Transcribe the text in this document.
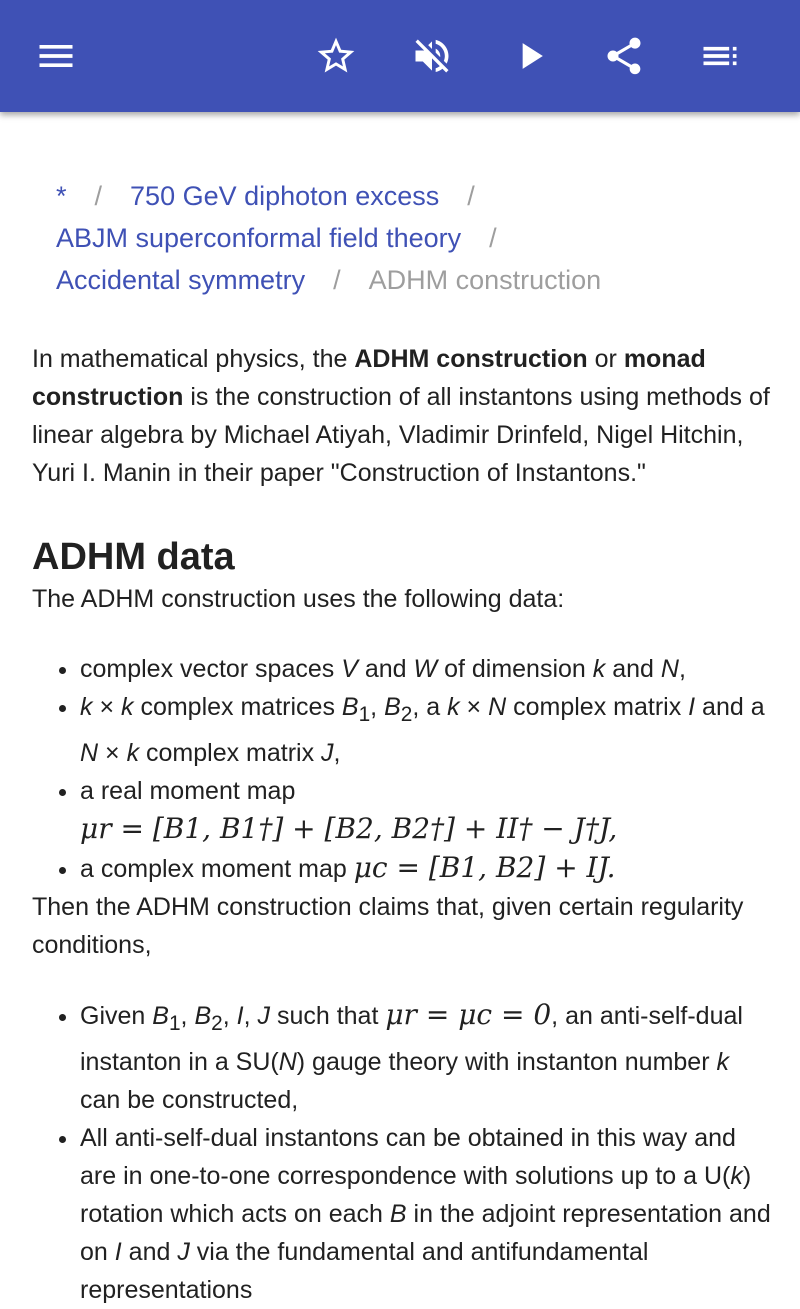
* / 750 GeV diphoton excess /
ABJM superconformal field theory /
Accidental symmetry / ADHM construction

In mathematical physics, the ADHM construction or monad construction is the construction of all instantons using methods of linear algebra by Michael Atiyah, Vladimir Drinfeld, Nigel Hitchin, Yuri I. Manin in their paper "Construction of Instantons."

ADHM data

The ADHM construction uses the following data:

• complex vector spaces V and W of dimension k and N,
• k × k complex matrices $B_1$, $B_2$, a k × N complex matrix I and a N × k complex matrix J,
• a real moment map
μr = [B1, B1†] + [B2, B2†] + II† − J†J,
• a complex moment map μc = [B1, B2] + IJ.

Then the ADHM construction claims that, given certain regularity conditions,

• Given $B_1$, $B_2$, I, J such that μr = μc = 0, an anti-self-dual instanton in a SU(N) gauge theory with instanton number k can be constructed,
• All anti-self-dual instantons can be obtained in this way and are in one-to-one correspondence with solutions up to a U(k) rotation which acts on each B in the adjoint representation and on I and J via the fundamental and antifundamental representations
